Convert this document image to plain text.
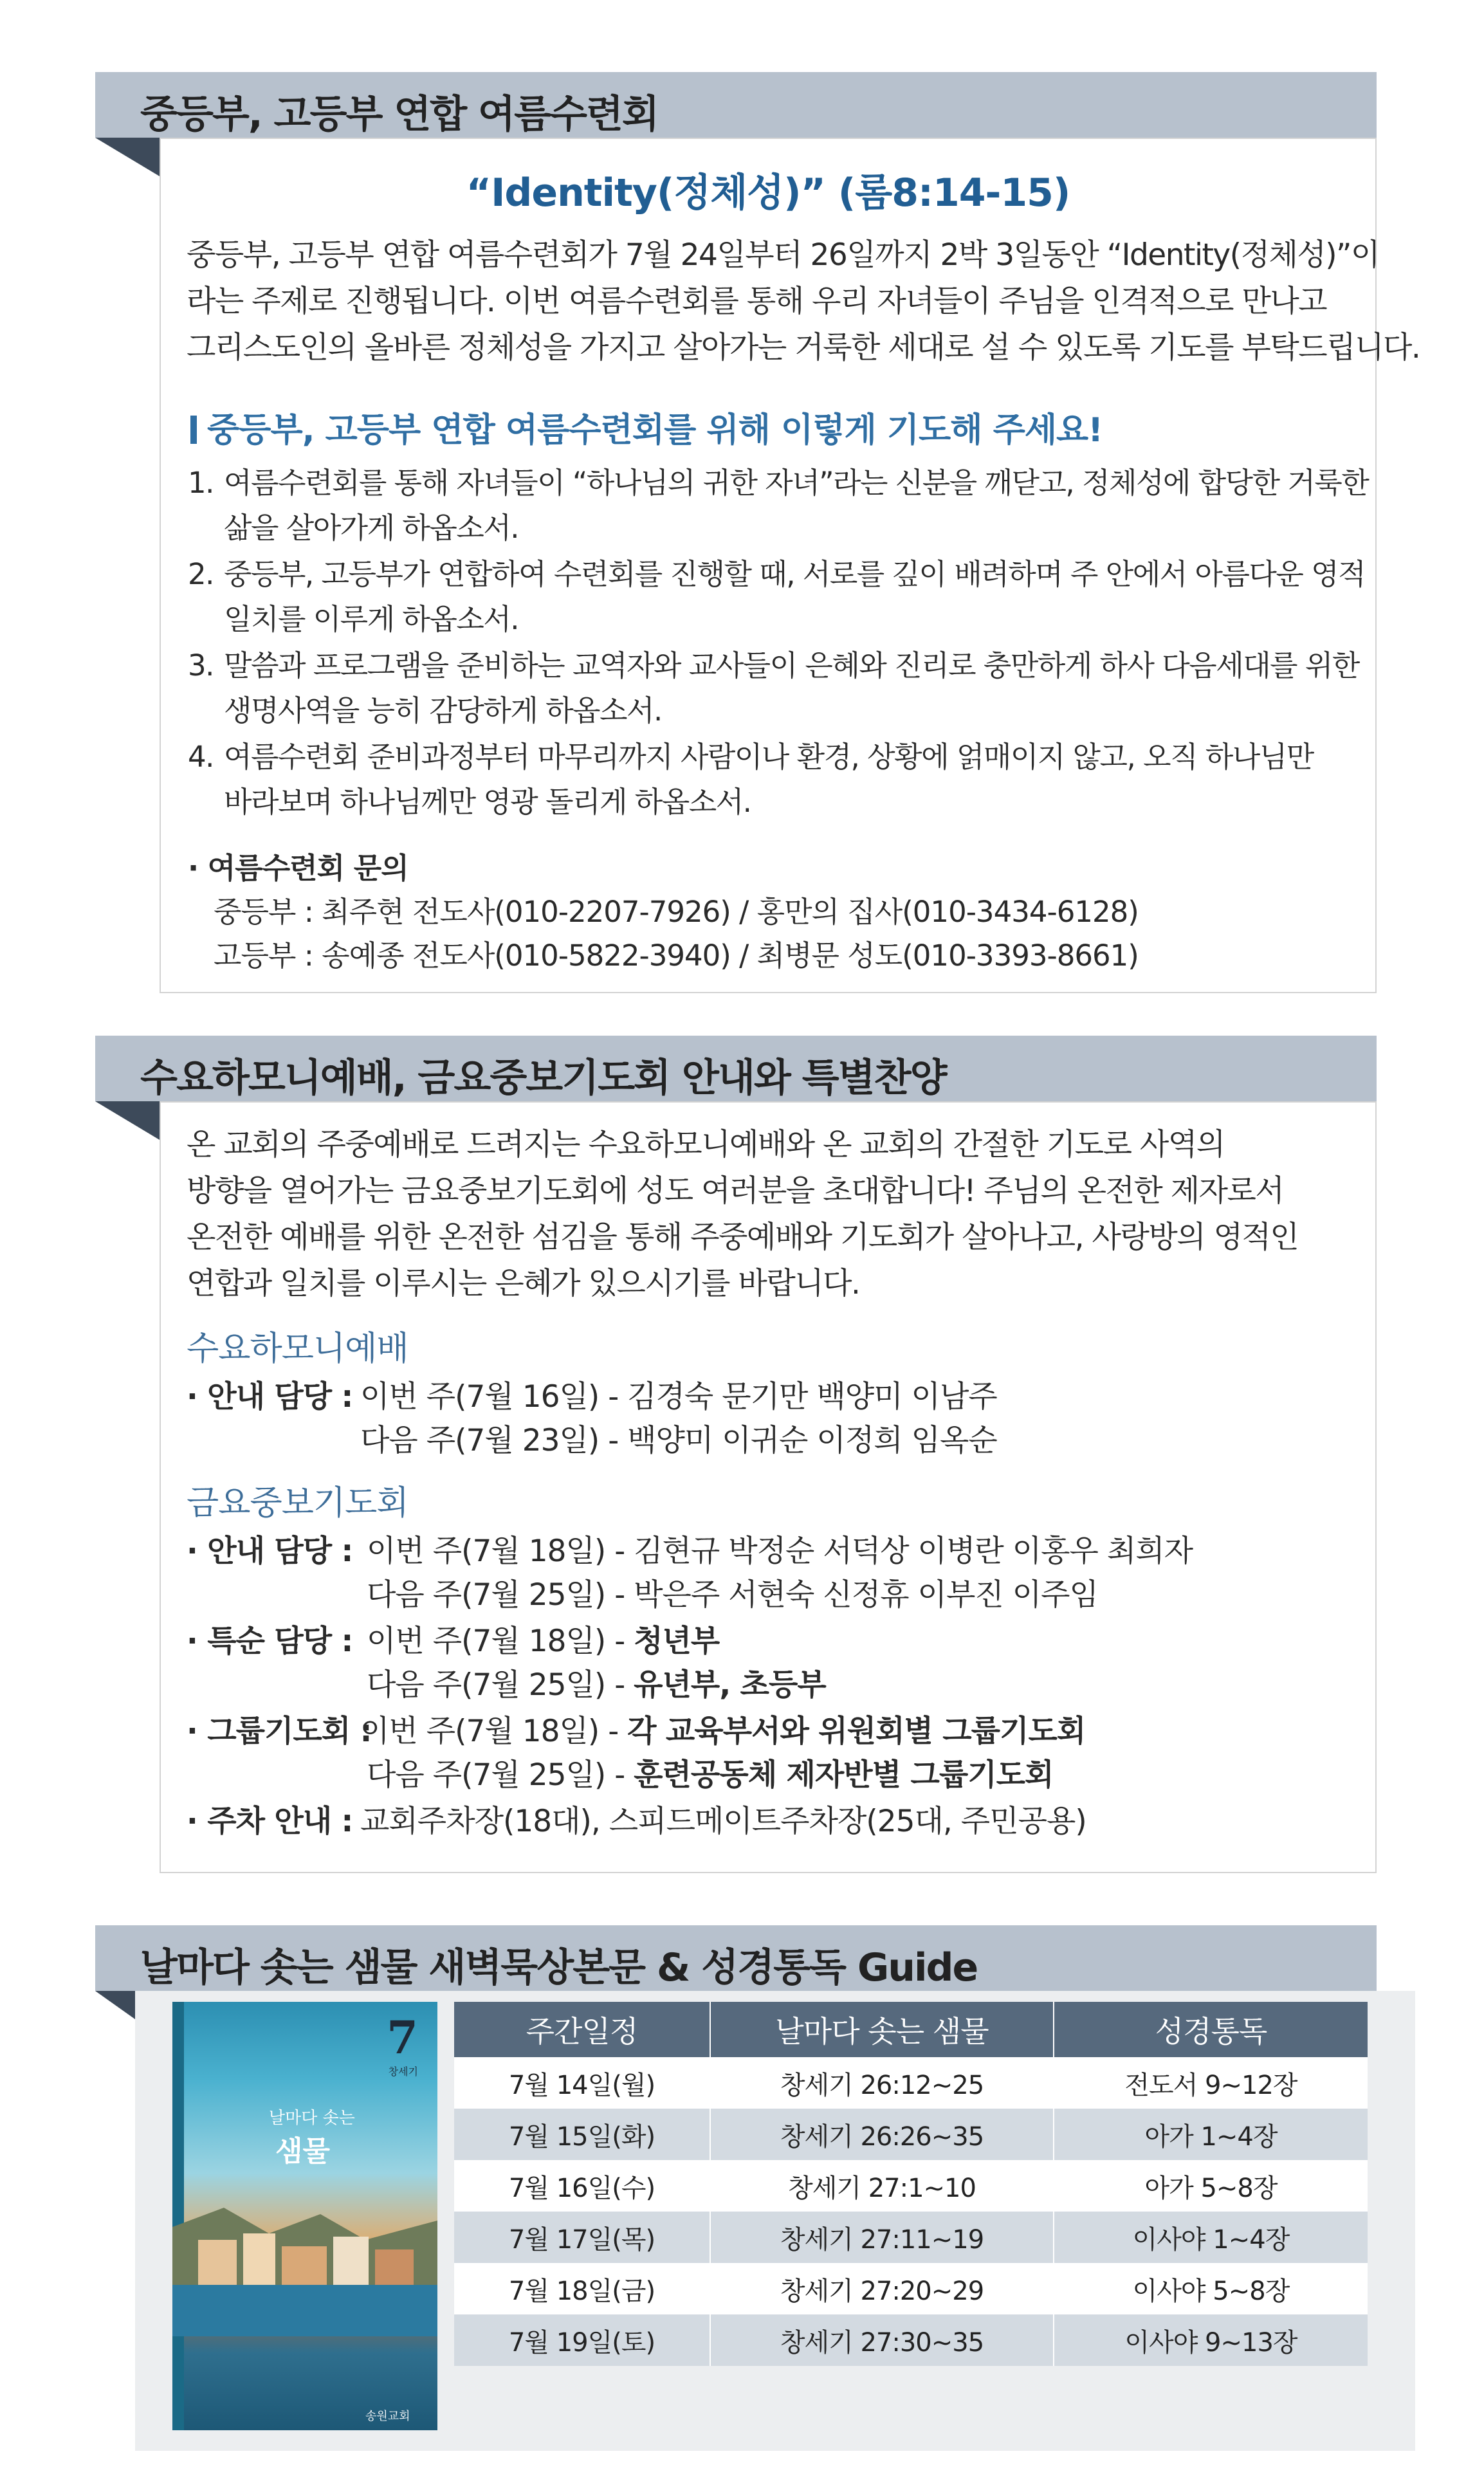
중등부, 고등부 연합 여름수련회
“Identity(정체성)” (롬8:14-15)
중등부, 고등부 연합 여름수련회가 7월 24일부터 26일까지 2박 3일동안 “Identity(정체성)”이
라는 주제로 진행됩니다. 이번 여름수련회를 통해 우리 자녀들이 주님을 인격적으로 만나고
그리스도인의 올바른 정체성을 가지고 살아가는 거룩한 세대로 설 수 있도록 기도를 부탁드립니다.
중등부, 고등부 연합 여름수련회를 위해 이렇게 기도해 주세요!
1. 여름수련회를 통해 자녀들이 “하나님의 귀한 자녀”라는 신분을 깨닫고, 정체성에 합당한 거룩한
삶을 살아가게 하옵소서.
2. 중등부, 고등부가 연합하여 수련회를 진행할 때, 서로를 깊이 배려하며 주 안에서 아름다운 영적
일치를 이루게 하옵소서.
3. 말씀과 프로그램을 준비하는 교역자와 교사들이 은혜와 진리로 충만하게 하사 다음세대를 위한
생명사역을 능히 감당하게 하옵소서.
4. 여름수련회 준비과정부터 마무리까지 사람이나 환경, 상황에 얽매이지 않고, 오직 하나님만
바라보며 하나님께만 영광 돌리게 하옵소서.
· 여름수련회 문의
중등부 : 최주현 전도사(010-2207-7926) / 홍만의 집사(010-3434-6128)
고등부 : 송예종 전도사(010-5822-3940) / 최병문 성도(010-3393-8661)
수요하모니예배, 금요중보기도회 안내와 특별찬양
온 교회의 주중예배로 드려지는 수요하모니예배와 온 교회의 간절한 기도로 사역의
방향을 열어가는 금요중보기도회에 성도 여러분을 초대합니다! 주님의 온전한 제자로서
온전한 예배를 위한 온전한 섬김을 통해 주중예배와 기도회가 살아나고, 사랑방의 영적인
연합과 일치를 이루시는 은혜가 있으시기를 바랍니다.
수요하모니예배
· 안내 담당 : 이번 주(7월 16일) - 김경숙 문기만 백양미 이남주
다음 주(7월 23일) - 백양미 이귀순 이정희 임옥순
금요중보기도회
· 안내 담당 : 이번 주(7월 18일) - 김현규 박정순 서덕상 이병란 이홍우 최희자
다음 주(7월 25일) - 박은주 서현숙 신정휴 이부진 이주임
· 특순 담당 : 이번 주(7월 18일) - 청년부
다음 주(7월 25일) - 유년부, 초등부
· 그룹기도회 :
이번 주(7월 18일) - 각 교육부서와 위원회별 그룹기도회
다음 주(7월 25일) - 훈련공동체 제자반별 그룹기도회
· 주차 안내 : 교회주차장(18대), 스피드메이트주차장(25대, 주민공용)
날마다 솟는 샘물 새벽묵상본문 & 성경통독 Guide
7
창세기
날마다 솟는
샘물
송원교회
주간일정	날마다 솟는 샘물	성경통독
7월 14일(월)	창세기 26:12~25	전도서 9~12장
7월 15일(화)	창세기 26:26~35	아가 1~4장
7월 16일(수)	창세기 27:1~10	아가 5~8장
7월 17일(목)	창세기 27:11~19	이사야 1~4장
7월 18일(금)	창세기 27:20~29	이사야 5~8장
7월 19일(토)	창세기 27:30~35	이사야 9~13장
